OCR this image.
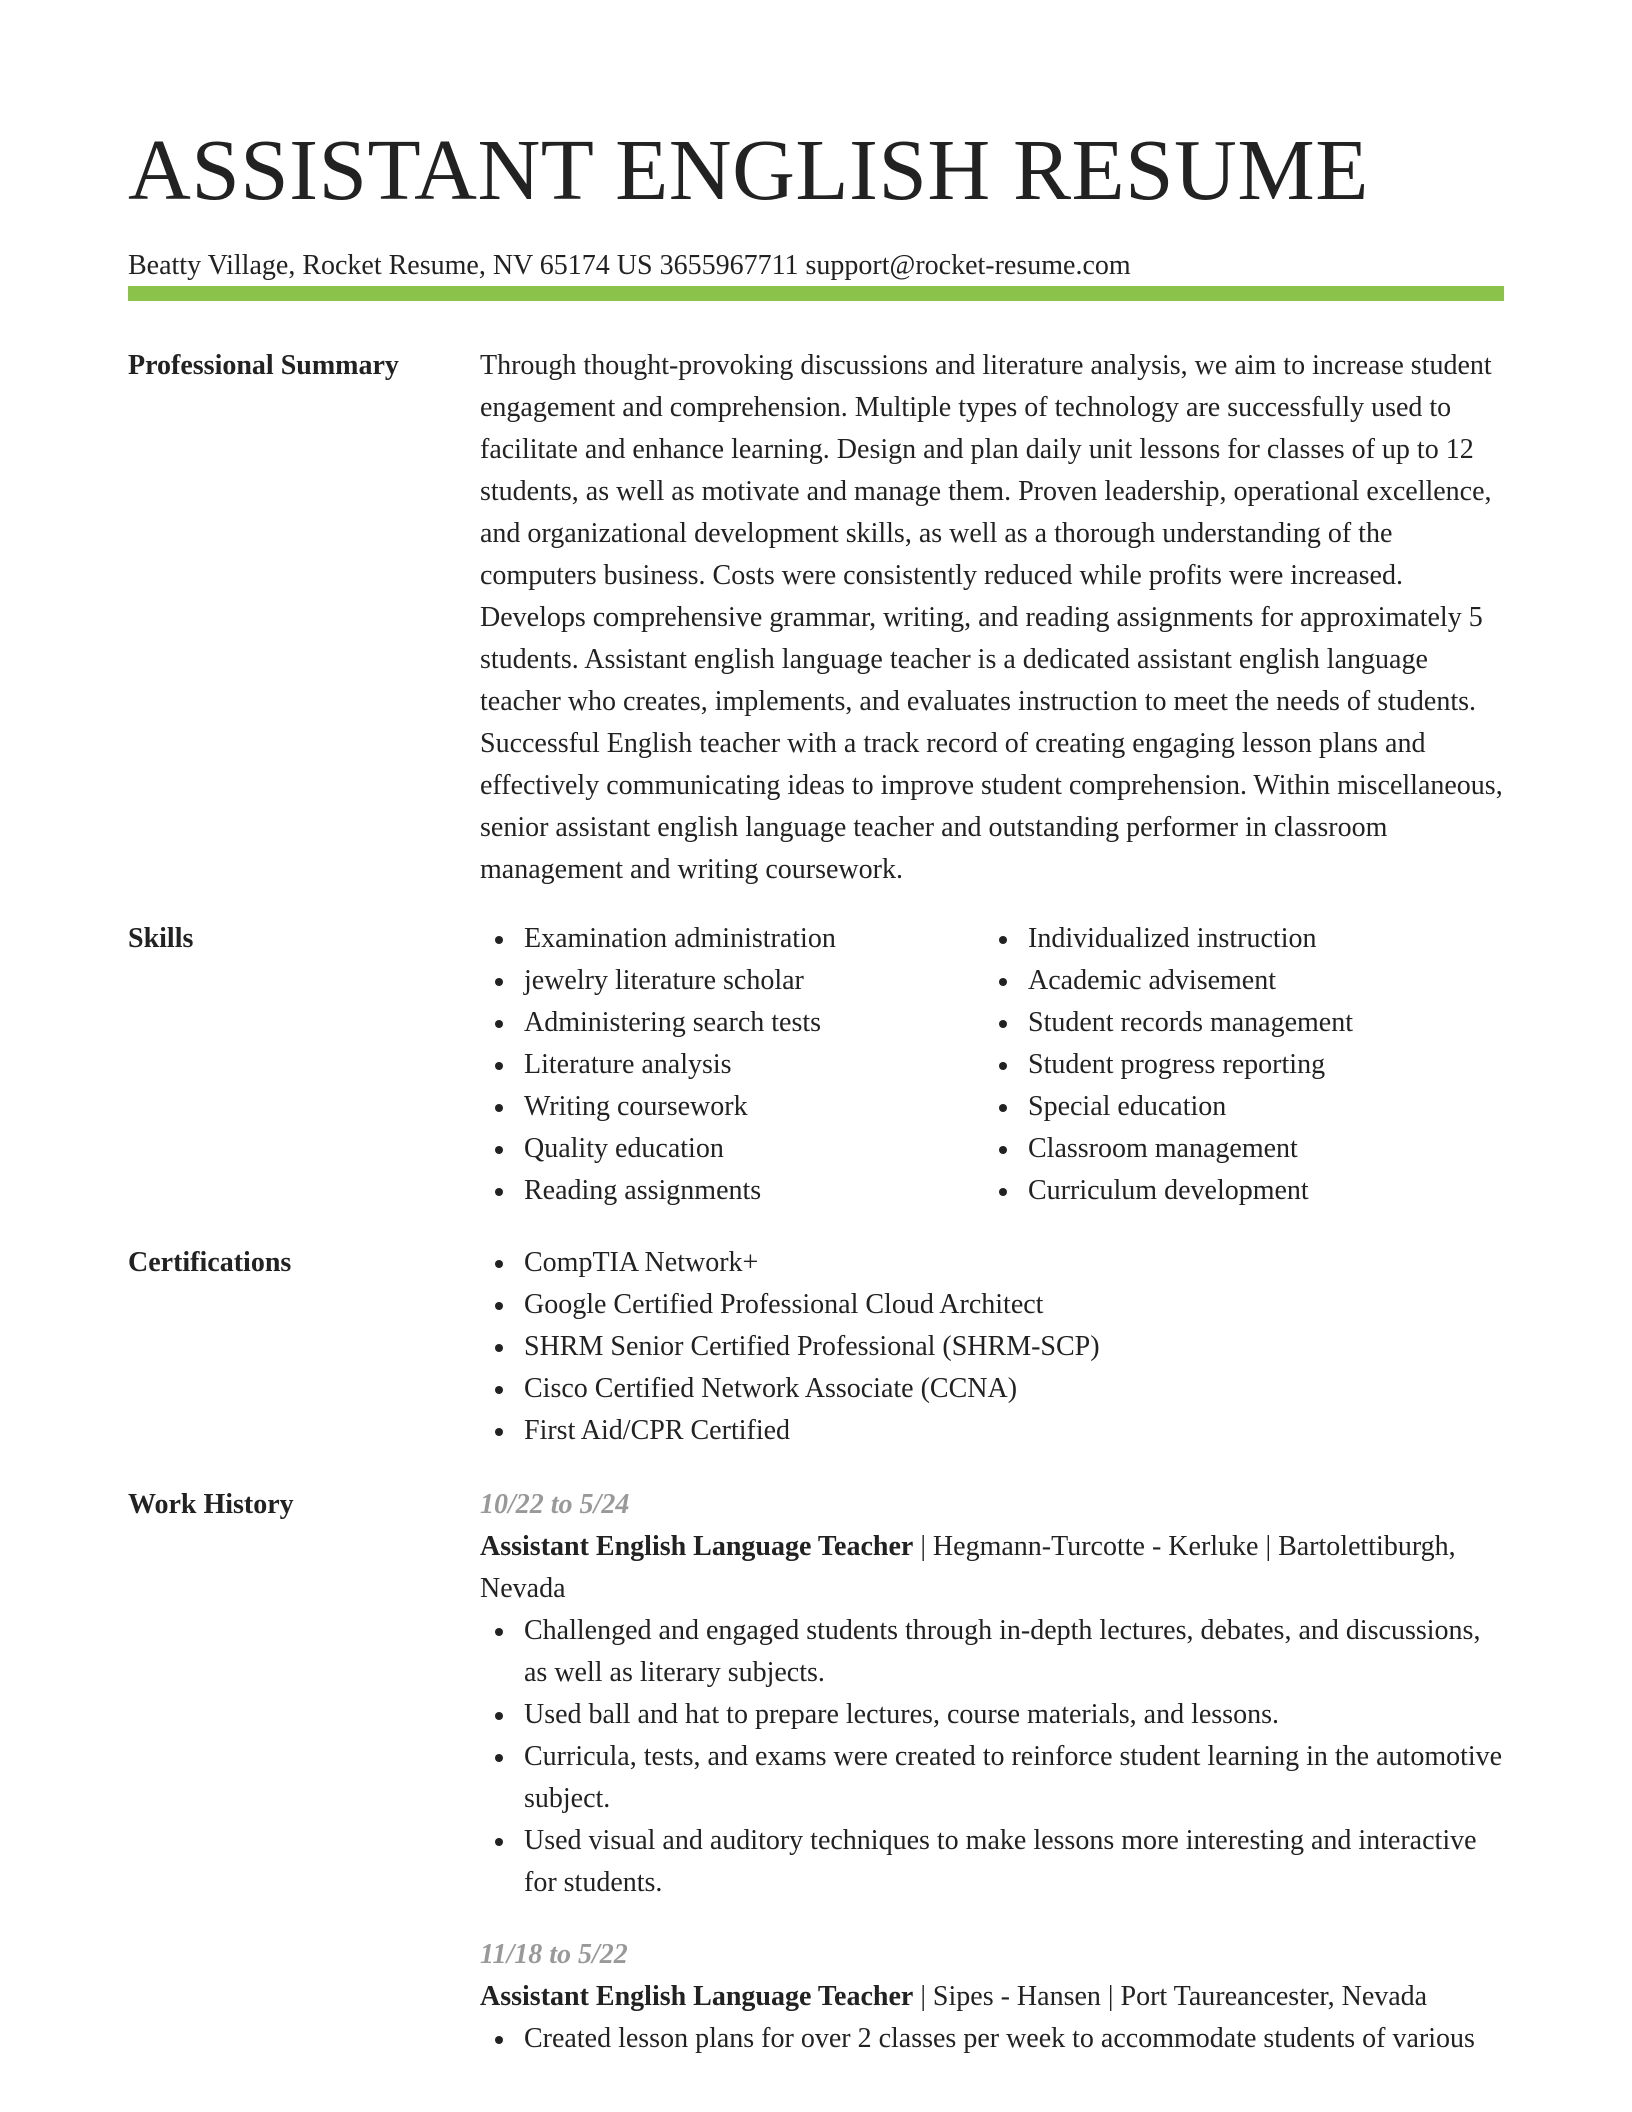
ASSISTANT ENGLISH RESUME
Beatty Village, Rocket Resume, NV 65174 US 3655967711 support@rocket-resume.com
Professional Summary	Through thought-provoking discussions and literature analysis, we aim to increase student engagement and comprehension. Multiple types of technology are successfully used to facilitate and enhance learning. Design and plan daily unit lessons for classes of up to 12 students, as well as motivate and manage them. Proven leadership, operational excellence, and organizational development skills, as well as a thorough understanding of the computers business. Costs were consistently reduced while profits were increased. Develops comprehensive grammar, writing, and reading assignments for approximately 5 students. Assistant english language teacher is a dedicated assistant english language teacher who creates, implements, and evaluates instruction to meet the needs of students. Successful English teacher with a track record of creating engaging lesson plans and effectively communicating ideas to improve student comprehension. Within miscellaneous, senior assistant english language teacher and outstanding performer in classroom management and writing coursework.

Skills	Examination administration
jewelry literature scholar
Administering search tests
Literature analysis
Writing coursework
Quality education
Reading assignments
Individualized instruction
Academic advisement
Student records management
Student progress reporting
Special education
Classroom management
Curriculum development
Certifications	CompTIA Network+
Google Certified Professional Cloud Architect
SHRM Senior Certified Professional (SHRM-SCP)
Cisco Certified Network Associate (CCNA)
First Aid/CPR Certified
Work History	10/22 to 5/24

Assistant English Language Teacher | Hegmann-Turcotte - Kerluke | Bartolettiburgh, Nevada

Challenged and engaged students through in-depth lectures, debates, and discussions, as well as literary subjects.
Used ball and hat to prepare lectures, course materials, and lessons.
Curricula, tests, and exams were created to reinforce student learning in the automotive subject.
Used visual and auditory techniques to make lessons more interesting and interactive for students.
11/18 to 5/22

Assistant English Language Teacher | Sipes - Hansen | Port Taureancester, Nevada

Created lesson plans for over 2 classes per week to accommodate students of various
